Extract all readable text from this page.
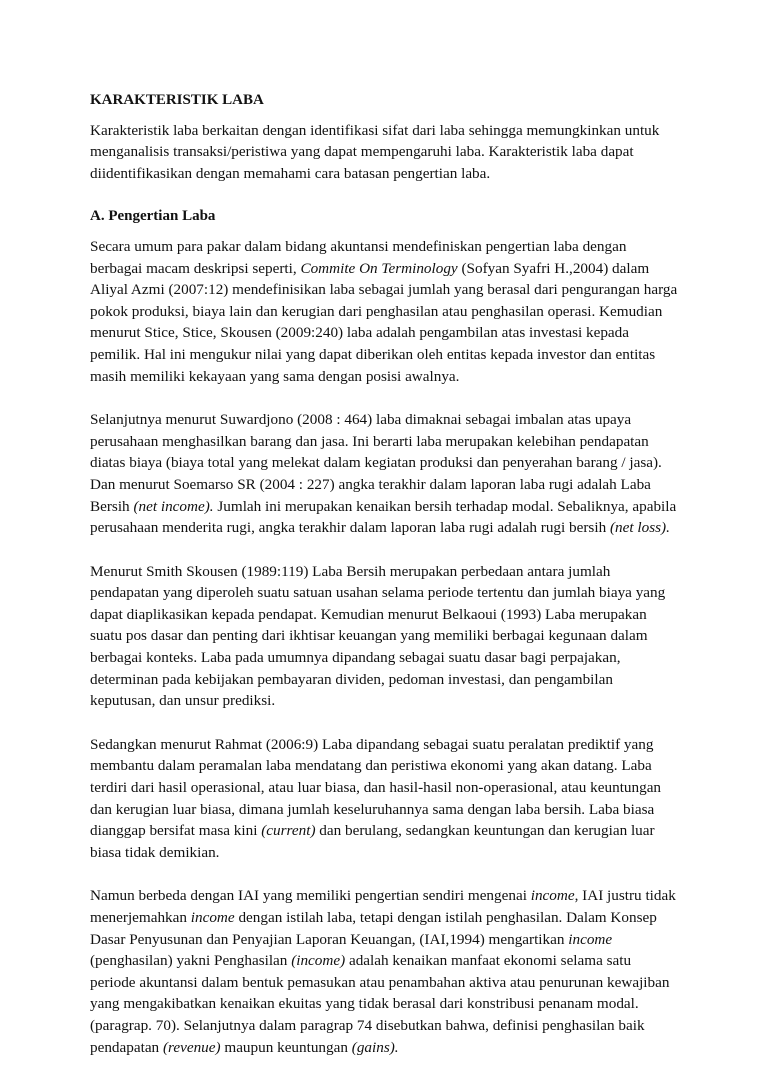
KARAKTERISTIK LABA

Karakteristik laba berkaitan dengan identifikasi sifat dari laba sehingga memungkinkan untuk menganalisis transaksi/peristiwa yang dapat mempengaruhi laba. Karakteristik laba dapat diidentifikasikan dengan memahami cara batasan pengertian laba.

A. Pengertian Laba

Secara umum para pakar dalam bidang akuntansi mendefiniskan pengertian laba dengan berbagai macam deskripsi seperti, Commite On Terminology (Sofyan Syafri H.,2004) dalam Aliyal Azmi (2007:12) mendefinisikan laba sebagai jumlah yang berasal dari pengurangan harga pokok produksi, biaya lain dan kerugian dari penghasilan atau penghasilan operasi. Kemudian menurut Stice, Stice, Skousen (2009:240) laba adalah pengambilan atas investasi kepada pemilik. Hal ini mengukur nilai yang dapat diberikan oleh entitas kepada investor dan entitas masih memiliki kekayaan yang sama dengan posisi awalnya.

Selanjutnya menurut Suwardjono (2008 : 464) laba dimaknai sebagai imbalan atas upaya perusahaan menghasilkan barang dan jasa. Ini berarti laba merupakan kelebihan pendapatan diatas biaya (biaya total yang melekat dalam kegiatan produksi dan penyerahan barang / jasa). Dan menurut Soemarso SR (2004 : 227) angka terakhir dalam laporan laba rugi adalah Laba Bersih (net income). Jumlah ini merupakan kenaikan bersih terhadap modal. Sebaliknya, apabila perusahaan menderita rugi, angka terakhir dalam laporan laba rugi adalah rugi bersih (net loss).

Menurut Smith Skousen (1989:119) Laba Bersih merupakan perbedaan antara jumlah pendapatan yang diperoleh suatu satuan usahan selama periode tertentu dan jumlah biaya yang dapat diaplikasikan kepada pendapat. Kemudian menurut Belkaoui (1993) Laba merupakan suatu pos dasar dan penting dari ikhtisar keuangan yang memiliki berbagai kegunaan dalam berbagai konteks. Laba pada umumnya dipandang sebagai suatu dasar bagi perpajakan, determinan pada kebijakan pembayaran dividen, pedoman investasi, dan pengambilan keputusan, dan unsur prediksi.

Sedangkan menurut Rahmat (2006:9) Laba dipandang sebagai suatu peralatan prediktif yang membantu dalam peramalan laba mendatang dan peristiwa ekonomi yang akan datang. Laba terdiri dari hasil operasional, atau luar biasa, dan hasil-hasil non-operasional, atau keuntungan dan kerugian luar biasa, dimana jumlah keseluruhannya sama dengan laba bersih. Laba biasa dianggap bersifat masa kini (current) dan berulang, sedangkan keuntungan dan kerugian luar biasa tidak demikian.

Namun berbeda dengan IAI yang memiliki pengertian sendiri mengenai income, IAI justru tidak menerjemahkan income dengan istilah laba, tetapi dengan istilah penghasilan. Dalam Konsep Dasar Penyusunan dan Penyajian Laporan Keuangan, (IAI,1994) mengartikan income (penghasilan) yakni Penghasilan (income) adalah kenaikan manfaat ekonomi selama satu periode akuntansi dalam bentuk pemasukan atau penambahan aktiva atau penurunan kewajiban yang mengakibatkan kenaikan ekuitas yang tidak berasal dari konstribusi penanam modal. (paragrap. 70). Selanjutnya dalam paragrap 74 disebutkan bahwa, definisi penghasilan baik pendapatan (revenue) maupun keuntungan (gains).
